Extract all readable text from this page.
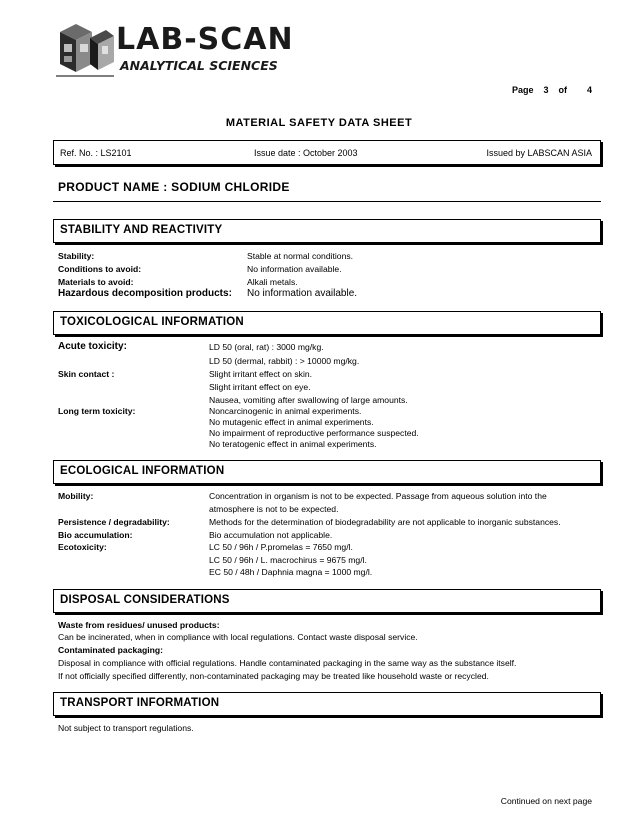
LAB-SCAN
ANALYTICAL SCIENCES
Page 3 of 4
MATERIAL SAFETY DATA SHEET
Ref. No. : LS2101	Issue date : October 2003	Issued by LABSCAN ASIA
PRODUCT NAME : SODIUM CHLORIDE
STABILITY AND REACTIVITY
Stability:	Stable at normal conditions.
Conditions to avoid:	No information available.
Materials to avoid:	Alkali metals.
Hazardous decomposition products: No information available.
TOXICOLOGICAL INFORMATION
Acute toxicity:	LD 50 (oral, rat) : 3000 mg/kg.
LD 50 (dermal, rabbit) : > 10000 mg/kg.
Skin contact :	Slight irritant effect on skin.
Slight irritant effect on eye.
Nausea, vomiting after swallowing of large amounts.
Long term toxicity:	Noncarcinogenic in animal experiments.
No mutagenic effect in animal experiments.
No impairment of reproductive performance suspected.
No teratogenic effect in animal experiments.
ECOLOGICAL INFORMATION
Mobility:	Concentration in organism is not to be expected. Passage from aqueous solution into the
atmosphere is not to be expected.
Persistence / degradability:	Methods for the determination of biodegradability are not applicable to inorganic substances.
Bio accumulation:	Bio accumulation not applicable.
Ecotoxicity:	LC 50 / 96h / P.promelas = 7650 mg/l.
LC 50 / 96h / L. macrochirus = 9675 mg/l.
EC 50 / 48h / Daphnia magna = 1000 mg/l.
DISPOSAL CONSIDERATIONS
Waste from residues/ unused products:
Can be incinerated, when in compliance with local regulations. Contact waste disposal service.
Contaminated packaging:
Disposal in compliance with official regulations. Handle contaminated packaging in the same way as the substance itself.
If not officially specified differently, non-contaminated packaging may be treated like household waste or recycled.
TRANSPORT INFORMATION
Not subject to transport regulations.
Continued on next page
